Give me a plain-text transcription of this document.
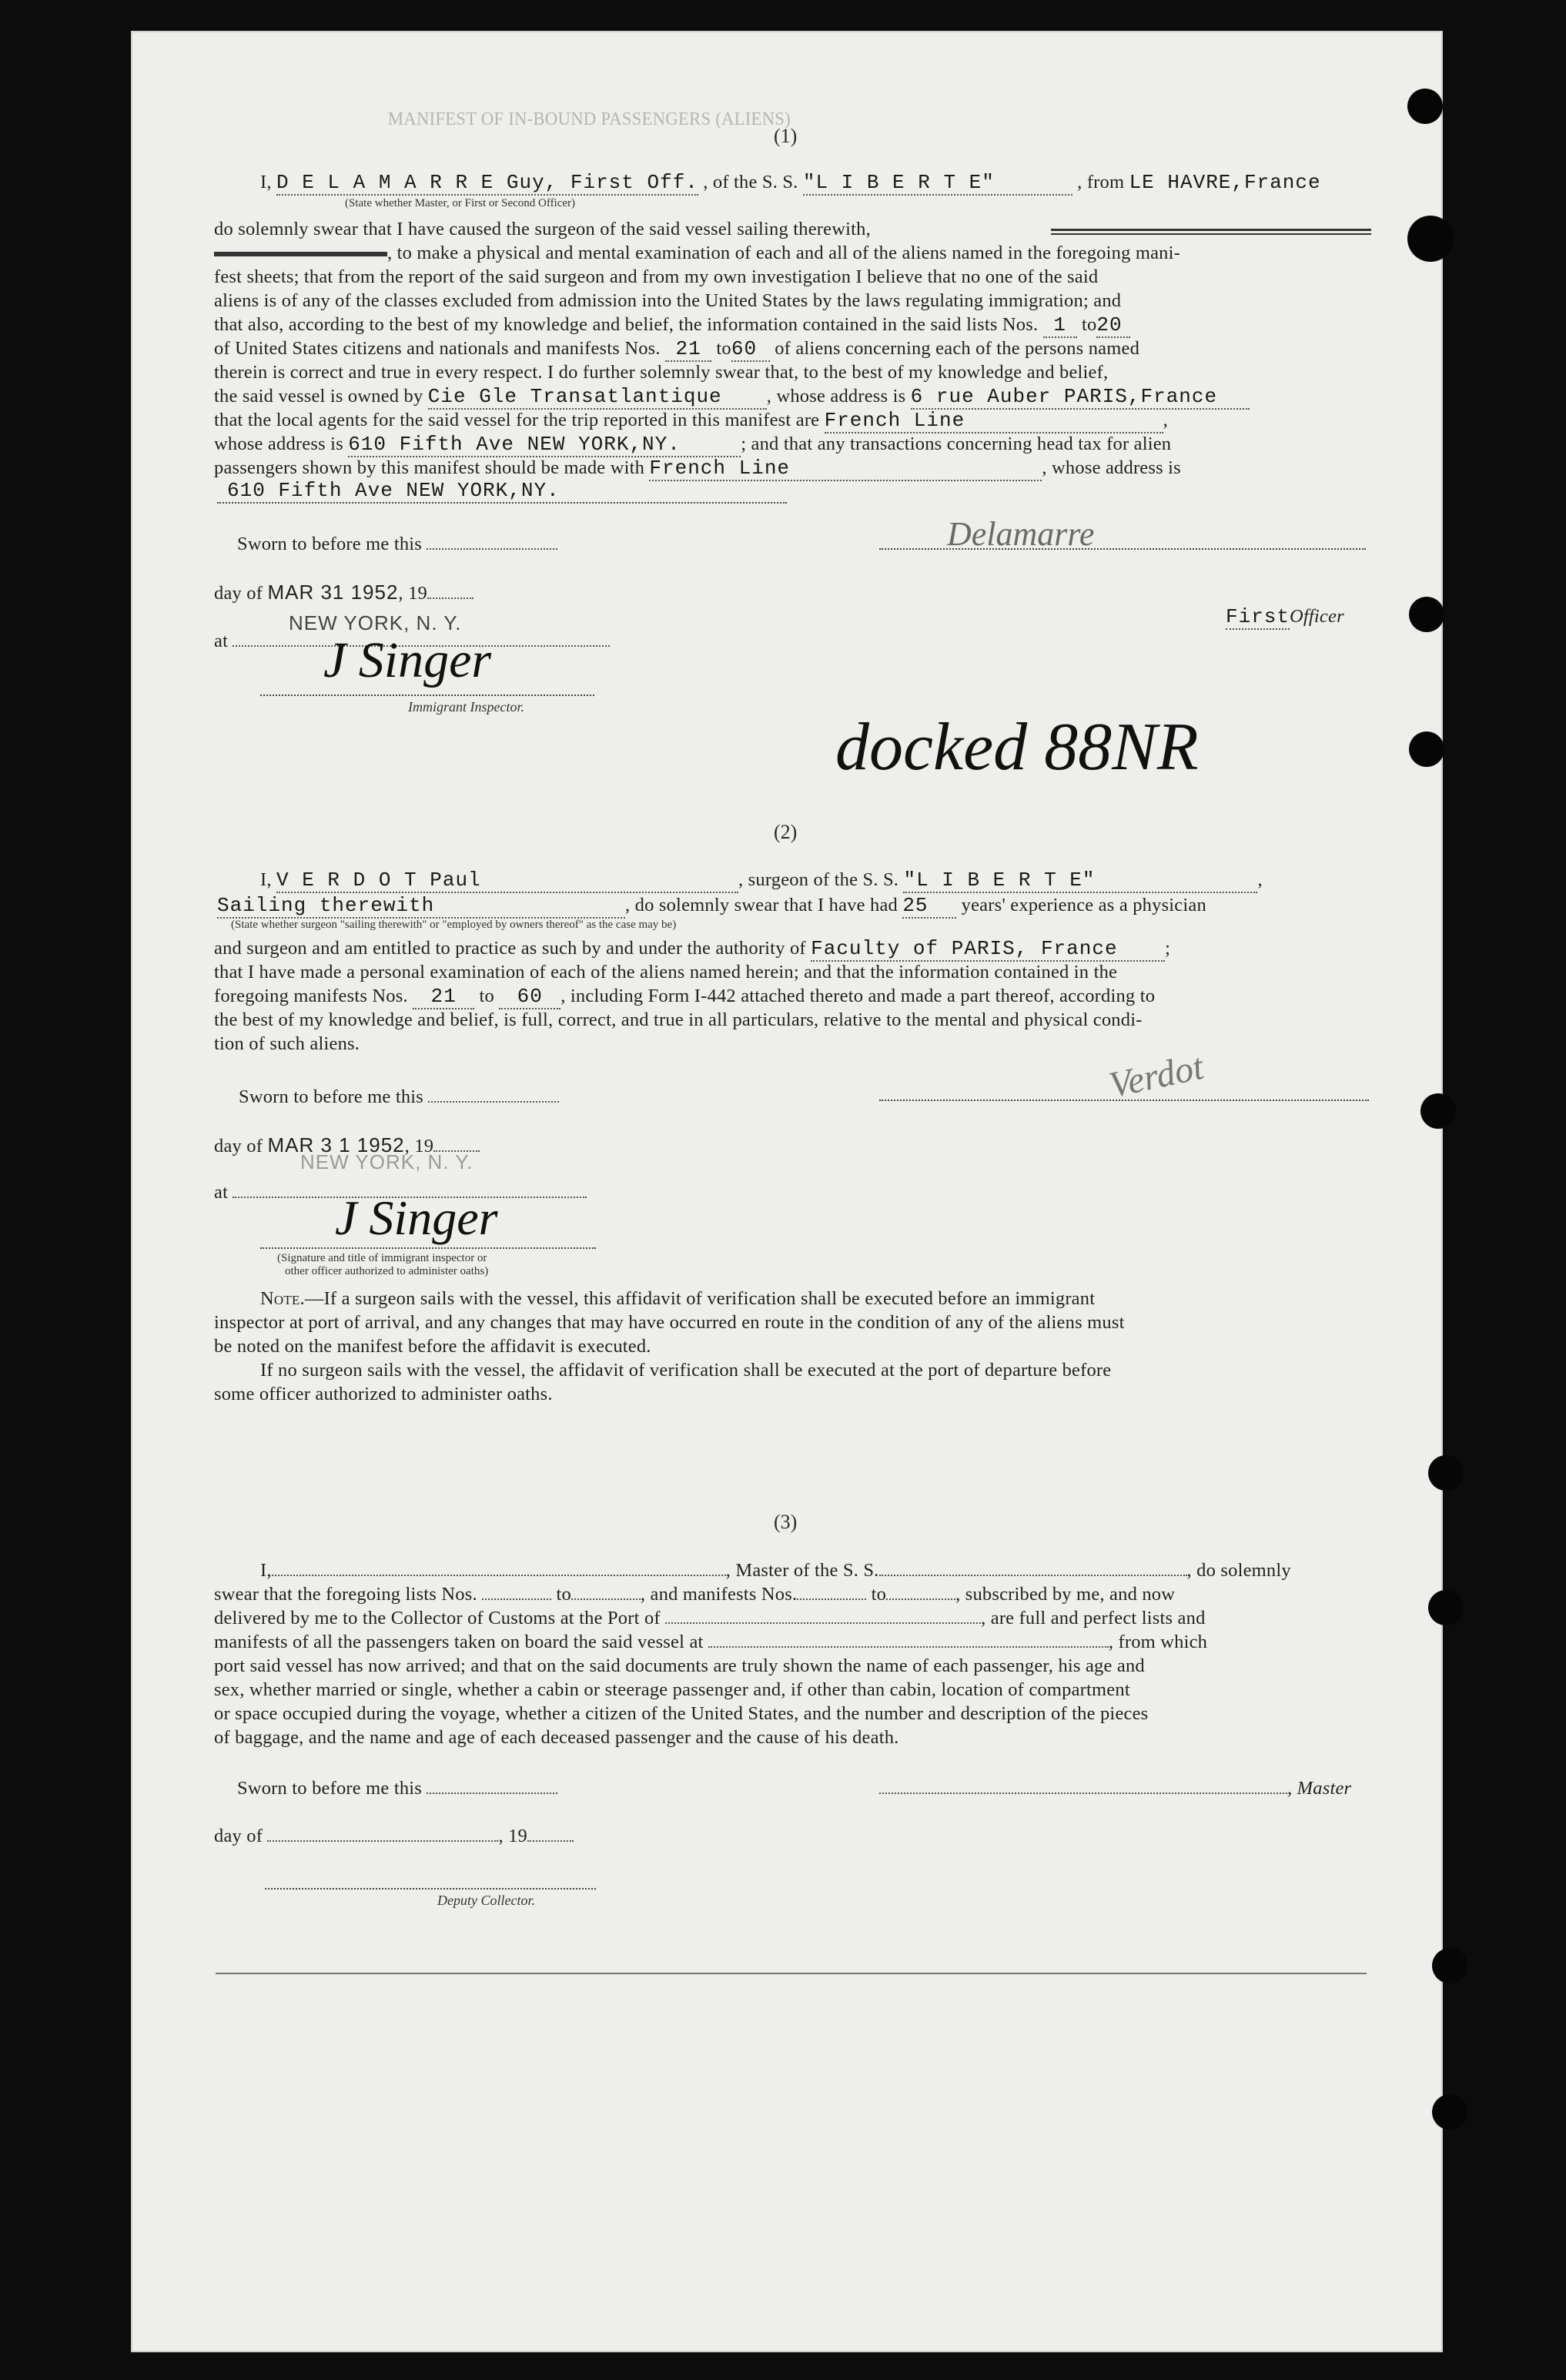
MANIFEST OF IN-BOUND PASSENGERS (ALIENS)
(1)
I, D E L A M A R R E Guy, First Off. , of the S. S. "L I B E R T E"	, from LE HAVRE,France
(State whether Master, or First or Second Officer)
do solemnly swear that I have caused the surgeon of the said vessel sailing therewith,
, to make a physical and mental examination of each and all of the aliens named in the foregoing mani-
fest sheets; that from the report of the said surgeon and from my own investigation I believe that no one of the said
aliens is of any of the classes excluded from admission into the United States by the laws regulating immigration; and
that also, according to the best of my knowledge and belief, the information contained in the said lists Nos. 1 to20
of United States citizens and nationals and manifests Nos. 21 to60 of aliens concerning each of the persons named
therein is correct and true in every respect. I do further solemnly swear that, to the best of my knowledge and belief,
the said vessel is owned by Cie Gle Transatlantique , whose address is 6 rue Auber PARIS,France
that the local agents for the said vessel for the trip reported in this manifest are French Line	,
whose address is 610 Fifth Ave NEW YORK,NY.	; and that any transactions concerning head tax for alien
passengers shown by this manifest should be made with French Line	, whose address is
610 Fifth Ave NEW YORK,NY.
Sworn to before me this	Delamarre
day of MAR 31 1952, 19
FirstOfficer
at
NEW YORK, N. Y.
J Singer
Immigrant Inspector.
docked 88NR
(2)
I, V E R D O T Paul	, surgeon of the S. S. "L I B E R T E"	,
Sailing therewith	, do solemnly swear that I have had 25 years' experience as a physician
(State whether surgeon "sailing therewith" or "employed by owners thereof" as the case may be)
and surgeon and am entitled to practice as such by and under the authority of Faculty of PARIS, France	;
that I have made a personal examination of each of the aliens named herein; and that the information contained in the
foregoing manifests Nos. 21 to 60 , including Form I-442 attached thereto and made a part thereof, according to
the best of my knowledge and belief, is full, correct, and true in all particulars, relative to the mental and physical condi-
tion of such aliens.
Sworn to before me this	Verdot
day of MAR 3 1 1952, 19
NEW YORK, N. Y.
at	J Singer
(Signature and title of immigrant inspector or
other officer authorized to administer oaths)
Note.—If a surgeon sails with the vessel, this affidavit of verification shall be executed before an immigrant
inspector at port of arrival, and any changes that may have occurred en route in the condition of any of the aliens must
be noted on the manifest before the affidavit is executed.
If no surgeon sails with the vessel, the affidavit of verification shall be executed at the port of departure before
some officer authorized to administer oaths.
(3)
I,	, Master of the S. S.	, do solemnly
swear that the foregoing lists Nos.	to	, and manifests Nos.	to	, subscribed by me, and now
delivered by me to the Collector of Customs at the Port of	, are full and perfect lists and
manifests of all the passengers taken on board the said vessel at	, from which
port said vessel has now arrived; and that on the said documents are truly shown the name of each passenger, his age and
sex, whether married or single, whether a cabin or steerage passenger and, if other than cabin, location of compartment
or space occupied during the voyage, whether a citizen of the United States, and the number and description of the pieces
of baggage, and the name and age of each deceased passenger and the cause of his death.
Sworn to before me this	, Master
day of	, 19
Deputy Collector.
